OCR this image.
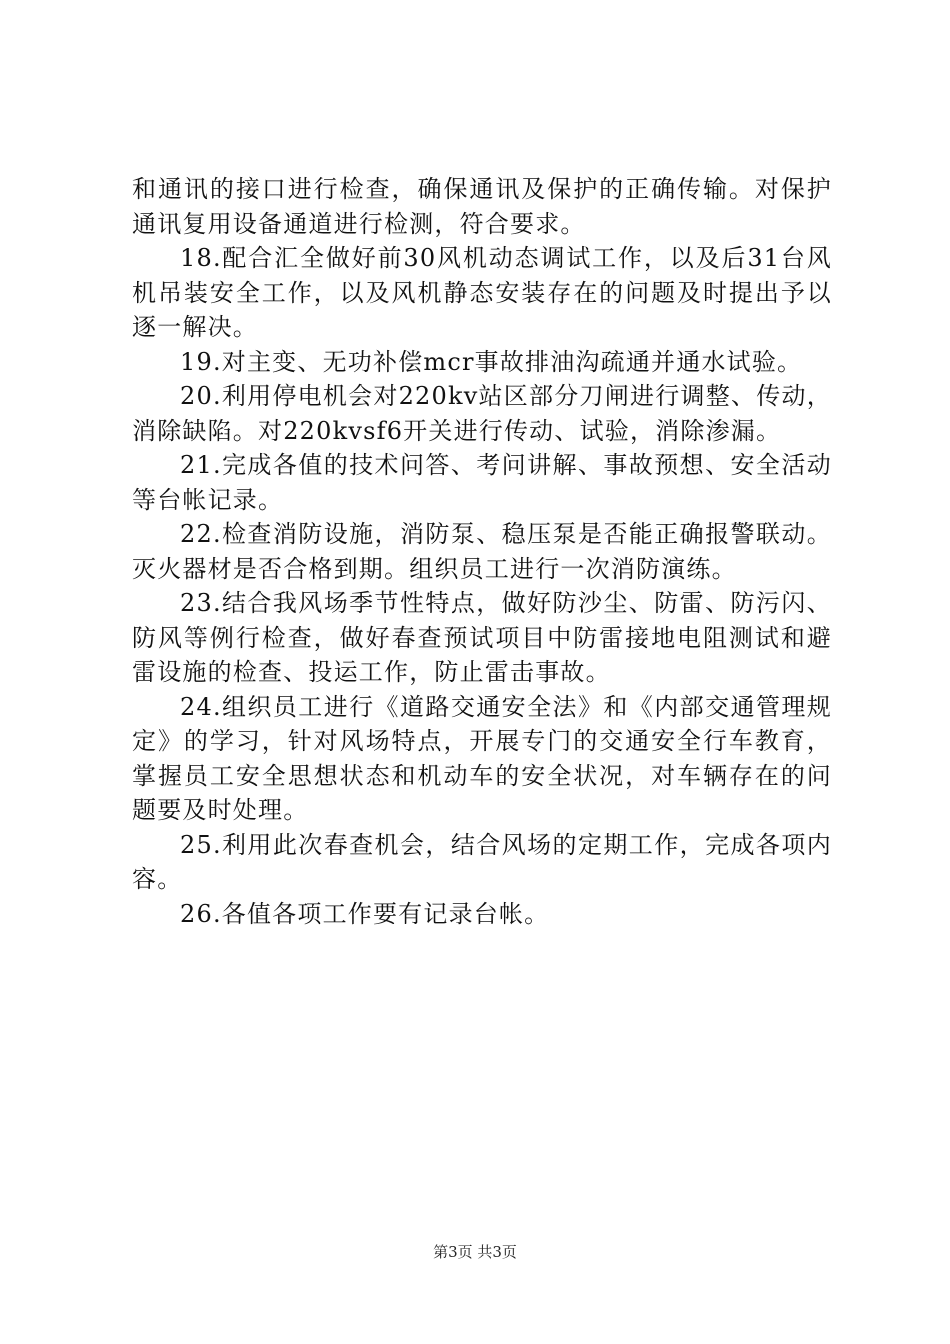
和通讯的接口进行检查，确保通讯及保护的正确传输。对保护通讯复用设备通道进行检测，符合要求。

18.配合汇全做好前30风机动态调试工作，以及后31台风机吊装安全工作，以及风机静态安装存在的问题及时提出予以逐一解决。

19.对主变、无功补偿mcr事故排油沟疏通并通水试验。

20.利用停电机会对220kv站区部分刀闸进行调整、传动，消除缺陷。对220kvsf6开关进行传动、试验，消除渗漏。

21.完成各值的技术问答、考问讲解、事故预想、安全活动等台帐记录。

22.检查消防设施，消防泵、稳压泵是否能正确报警联动。灭火器材是否合格到期。组织员工进行一次消防演练。

23.结合我风场季节性特点，做好防沙尘、防雷、防污闪、防风等例行检查，做好春查预试项目中防雷接地电阻测试和避雷设施的检查、投运工作，防止雷击事故。

24.组织员工进行《道路交通安全法》和《内部交通管理规定》的学习，针对风场特点，开展专门的交通安全行车教育，掌握员工安全思想状态和机动车的安全状况，对车辆存在的问题要及时处理。

25.利用此次春查机会，结合风场的定期工作，完成各项内容。

26.各值各项工作要有记录台帐。

第3页 共3页
